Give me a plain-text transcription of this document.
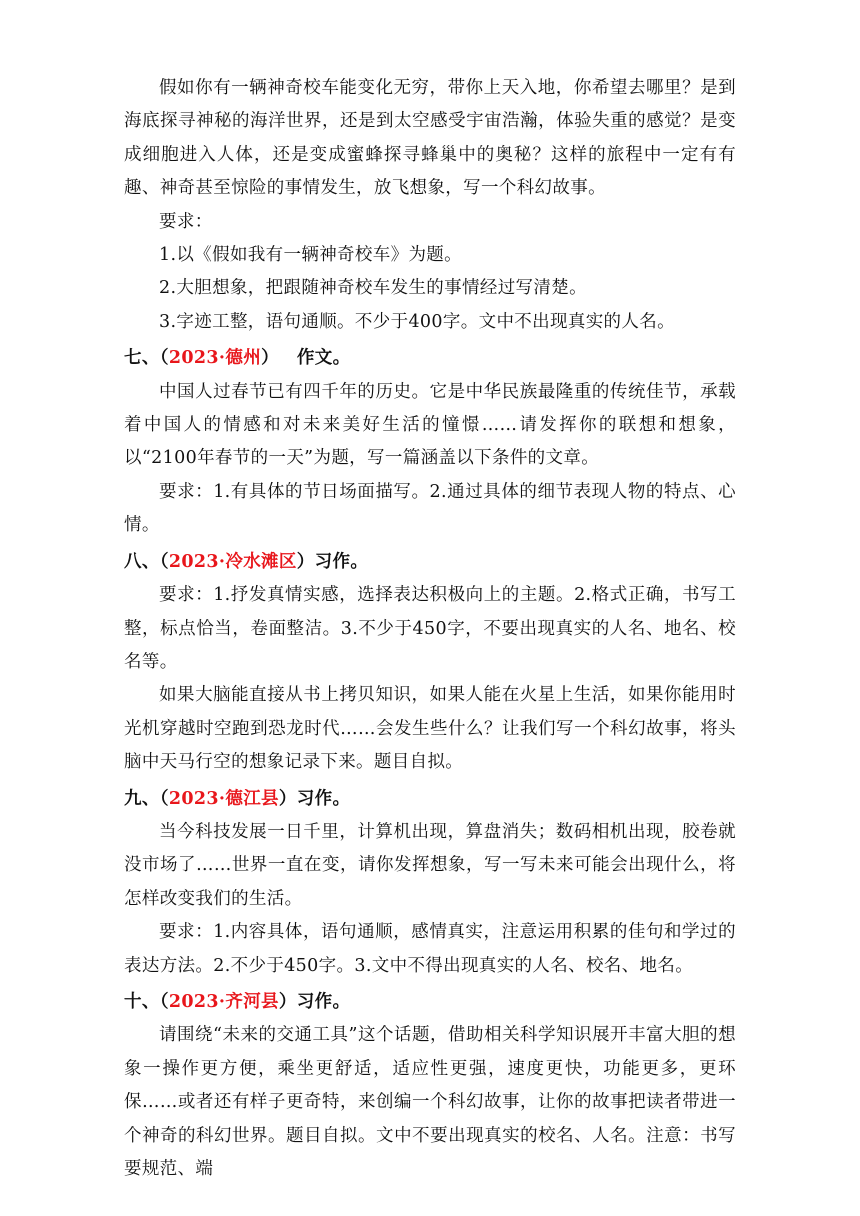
假如你有一辆神奇校车能变化无穷，带你上天入地，你希望去哪里？是到海底探寻神秘的海洋世界，还是到太空感受宇宙浩瀚，体验失重的感觉？是变成细胞进入人体，还是变成蜜蜂探寻蜂巢中的奥秘？这样的旅程中一定有有趣、神奇甚至惊险的事情发生，放飞想象，写一个科幻故事。

要求：

1.以《假如我有一辆神奇校车》为题。

2.大胆想象，把跟随神奇校车发生的事情经过写清楚。

3.字迹工整，语句通顺。不少于400字。文中不出现真实的人名。

七、（2023·德州） 作文。

中国人过春节已有四千年的历史。它是中华民族最隆重的传统佳节，承载着中国人的情感和对未来美好生活的憧憬……请发挥你的联想和想象，以“2100年春节的一天”为题，写一篇涵盖以下条件的文章。

要求：1.有具体的节日场面描写。2.通过具体的细节表现人物的特点、心情。

八、（2023·冷水滩区）习作。

要求：1.抒发真情实感，选择表达积极向上的主题。2.格式正确，书写工整，标点恰当，卷面整洁。3.不少于450字，不要出现真实的人名、地名、校名等。

如果大脑能直接从书上拷贝知识，如果人能在火星上生活，如果你能用时光机穿越时空跑到恐龙时代……会发生些什么？让我们写一个科幻故事，将头脑中天马行空的想象记录下来。题目自拟。

九、（2023·德江县）习作。

当今科技发展一日千里，计算机出现，算盘消失；数码相机出现，胶卷就没市场了……世界一直在变，请你发挥想象，写一写未来可能会出现什么，将怎样改变我们的生活。

要求：1.内容具体，语句通顺，感情真实，注意运用积累的佳句和学过的表达方法。2.不少于450字。3.文中不得出现真实的人名、校名、地名。

十、（2023·齐河县）习作。

请围绕“未来的交通工具”这个话题，借助相关科学知识展开丰富大胆的想象一操作更方便，乘坐更舒适，适应性更强，速度更快，功能更多，更环保……或者还有样子更奇特，来创编一个科幻故事，让你的故事把读者带进一个神奇的科幻世界。题目自拟。文中不要出现真实的校名、人名。注意：书写要规范、端
